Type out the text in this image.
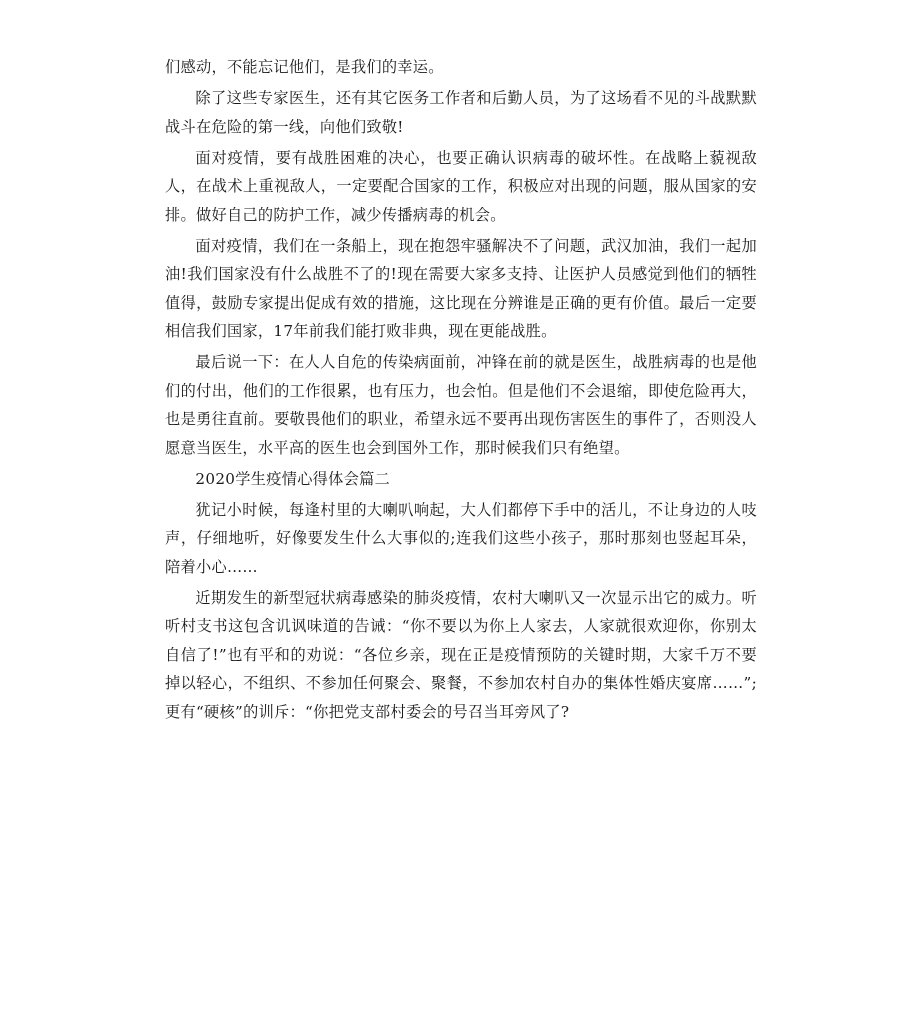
们感动，不能忘记他们，是我们的幸运。

除了这些专家医生，还有其它医务工作者和后勤人员，为了这场看不见的斗战默默战斗在危险的第一线，向他们致敬!

面对疫情，要有战胜困难的决心，也要正确认识病毒的破坏性。在战略上藐视敌人，在战术上重视敌人，一定要配合国家的工作，积极应对出现的问题，服从国家的安排。做好自己的防护工作，减少传播病毒的机会。

面对疫情，我们在一条船上，现在抱怨牢骚解决不了问题，武汉加油，我们一起加油!我们国家没有什么战胜不了的!现在需要大家多支持、让医护人员感觉到他们的牺牲值得，鼓励专家提出促成有效的措施，这比现在分辨谁是正确的更有价值。最后一定要相信我们国家，17年前我们能打败非典，现在更能战胜。

最后说一下：在人人自危的传染病面前，冲锋在前的就是医生，战胜病毒的也是他们的付出，他们的工作很累，也有压力，也会怕。但是他们不会退缩，即使危险再大，也是勇往直前。要敬畏他们的职业，希望永远不要再出现伤害医生的事件了，否则没人愿意当医生，水平高的医生也会到国外工作，那时候我们只有绝望。

2020学生疫情心得体会篇二

犹记小时候，每逢村里的大喇叭响起，大人们都停下手中的活儿，不让身边的人吱声，仔细地听，好像要发生什么大事似的;连我们这些小孩子，那时那刻也竖起耳朵，陪着小心……

近期发生的新型冠状病毒感染的肺炎疫情，农村大喇叭又一次显示出它的威力。听听村支书这包含讥讽味道的告诫：“你不要以为你上人家去，人家就很欢迎你，你别太自信了!”也有平和的劝说：“各位乡亲，现在正是疫情预防的关键时期，大家千万不要掉以轻心，不组织、不参加任何聚会、聚餐，不参加农村自办的集体性婚庆宴席……”;更有“硬核”的训斥：“你把党支部村委会的号召当耳旁风了?
